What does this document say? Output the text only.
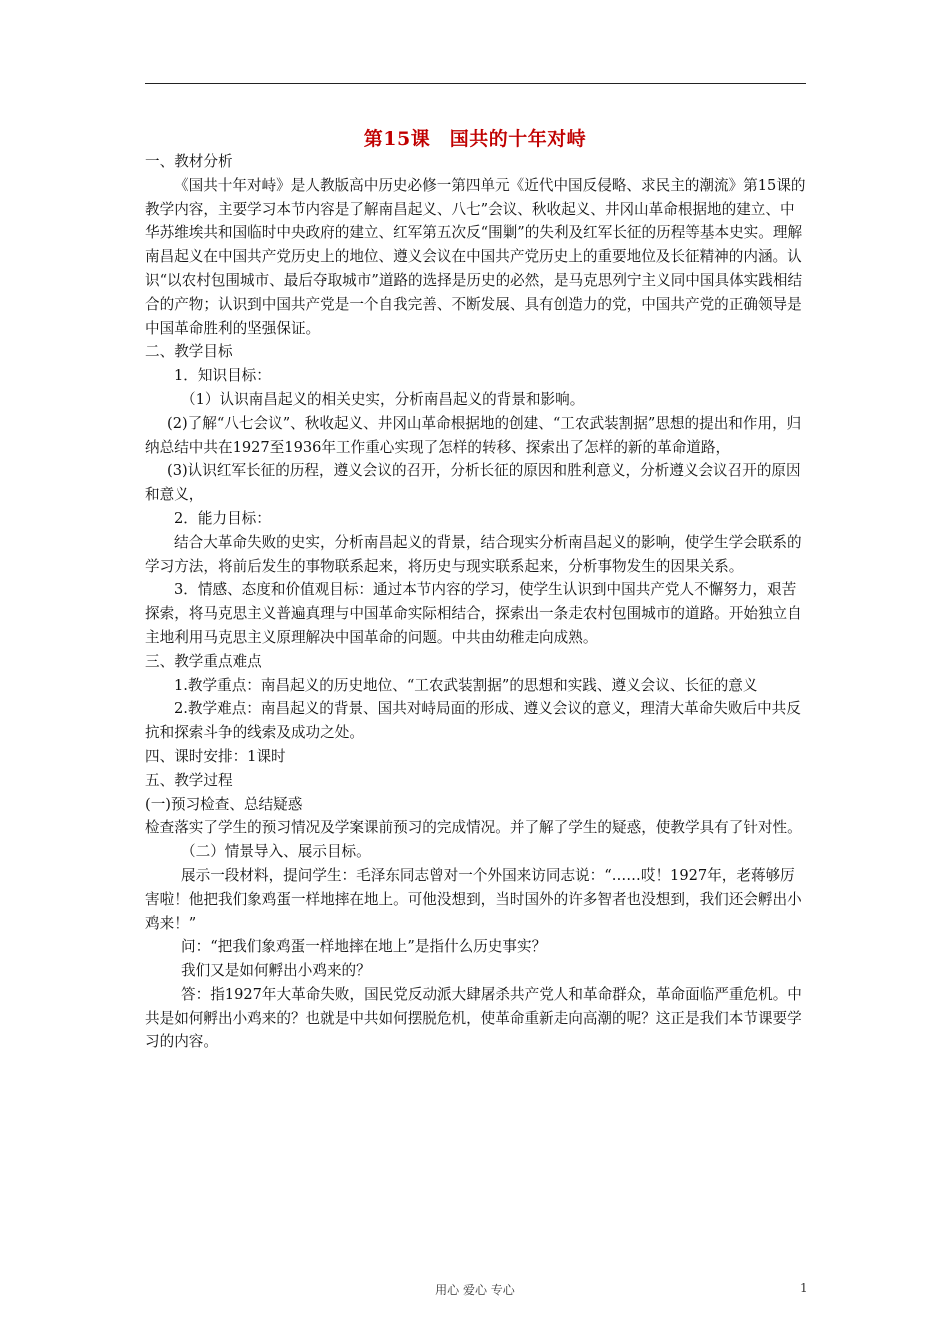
第15课　国共的十年对峙

一、教材分析

《国共十年对峙》是人教版高中历史必修一第四单元《近代中国反侵略、求民主的潮流》第15课的教学内容，主要学习本节内容是了解南昌起义、八七”会议、秋收起义、井冈山革命根据地的建立、中华苏维埃共和国临时中央政府的建立、红军第五次反“围剿”的失利及红军长征的历程等基本史实。理解南昌起义在中国共产党历史上的地位、遵义会议在中国共产党历史上的重要地位及长征精神的内涵。认识“以农村包围城市、最后夺取城市”道路的选择是历史的必然，是马克思列宁主义同中国具体实践相结合的产物；认识到中国共产党是一个自我完善、不断发展、具有创造力的党，中国共产党的正确领导是中国革命胜利的坚强保证。

二、教学目标

1．知识目标：

（1）认识南昌起义的相关史实，分析南昌起义的背景和影响。

(2)了解“八七会议”、秋收起义、井冈山革命根据地的创建、“工农武装割据”思想的提出和作用，归纳总结中共在1927至1936年工作重心实现了怎样的转移、探索出了怎样的新的革命道路，

(3)认识红军长征的历程，遵义会议的召开，分析长征的原因和胜利意义，分析遵义会议召开的原因和意义，

2．能力目标：

结合大革命失败的史实，分析南昌起义的背景，结合现实分析南昌起义的影响，使学生学会联系的学习方法，将前后发生的事物联系起来，将历史与现实联系起来，分析事物发生的因果关系。

3．情感、态度和价值观目标：通过本节内容的学习，使学生认识到中国共产党人不懈努力，艰苦探索，将马克思主义普遍真理与中国革命实际相结合，探索出一条走农村包围城市的道路。开始独立自主地利用马克思主义原理解决中国革命的问题。中共由幼稚走向成熟。

三、教学重点难点

1.教学重点：南昌起义的历史地位、“工农武装割据”的思想和实践、遵义会议、长征的意义

2.教学难点：南昌起义的背景、国共对峙局面的形成、遵义会议的意义，理清大革命失败后中共反抗和探索斗争的线索及成功之处。

四、课时安排：1课时

五、教学过程

(一)预习检查、总结疑惑

检查落实了学生的预习情况及学案课前预习的完成情况。并了解了学生的疑惑，使教学具有了针对性。

（二）情景导入、展示目标。

展示一段材料，提问学生：毛泽东同志曾对一个外国来访同志说：“……哎！1927年，老蒋够厉害啦！他把我们象鸡蛋一样地摔在地上。可他没想到，当时国外的许多智者也没想到，我们还会孵出小鸡来！”

问：“把我们象鸡蛋一样地摔在地上”是指什么历史事实？

我们又是如何孵出小鸡来的？

答：指1927年大革命失败，国民党反动派大肆屠杀共产党人和革命群众，革命面临严重危机。中共是如何孵出小鸡来的？也就是中共如何摆脱危机，使革命重新走向高潮的呢？这正是我们本节课要学习的内容。

用心 爱心 专心	1
